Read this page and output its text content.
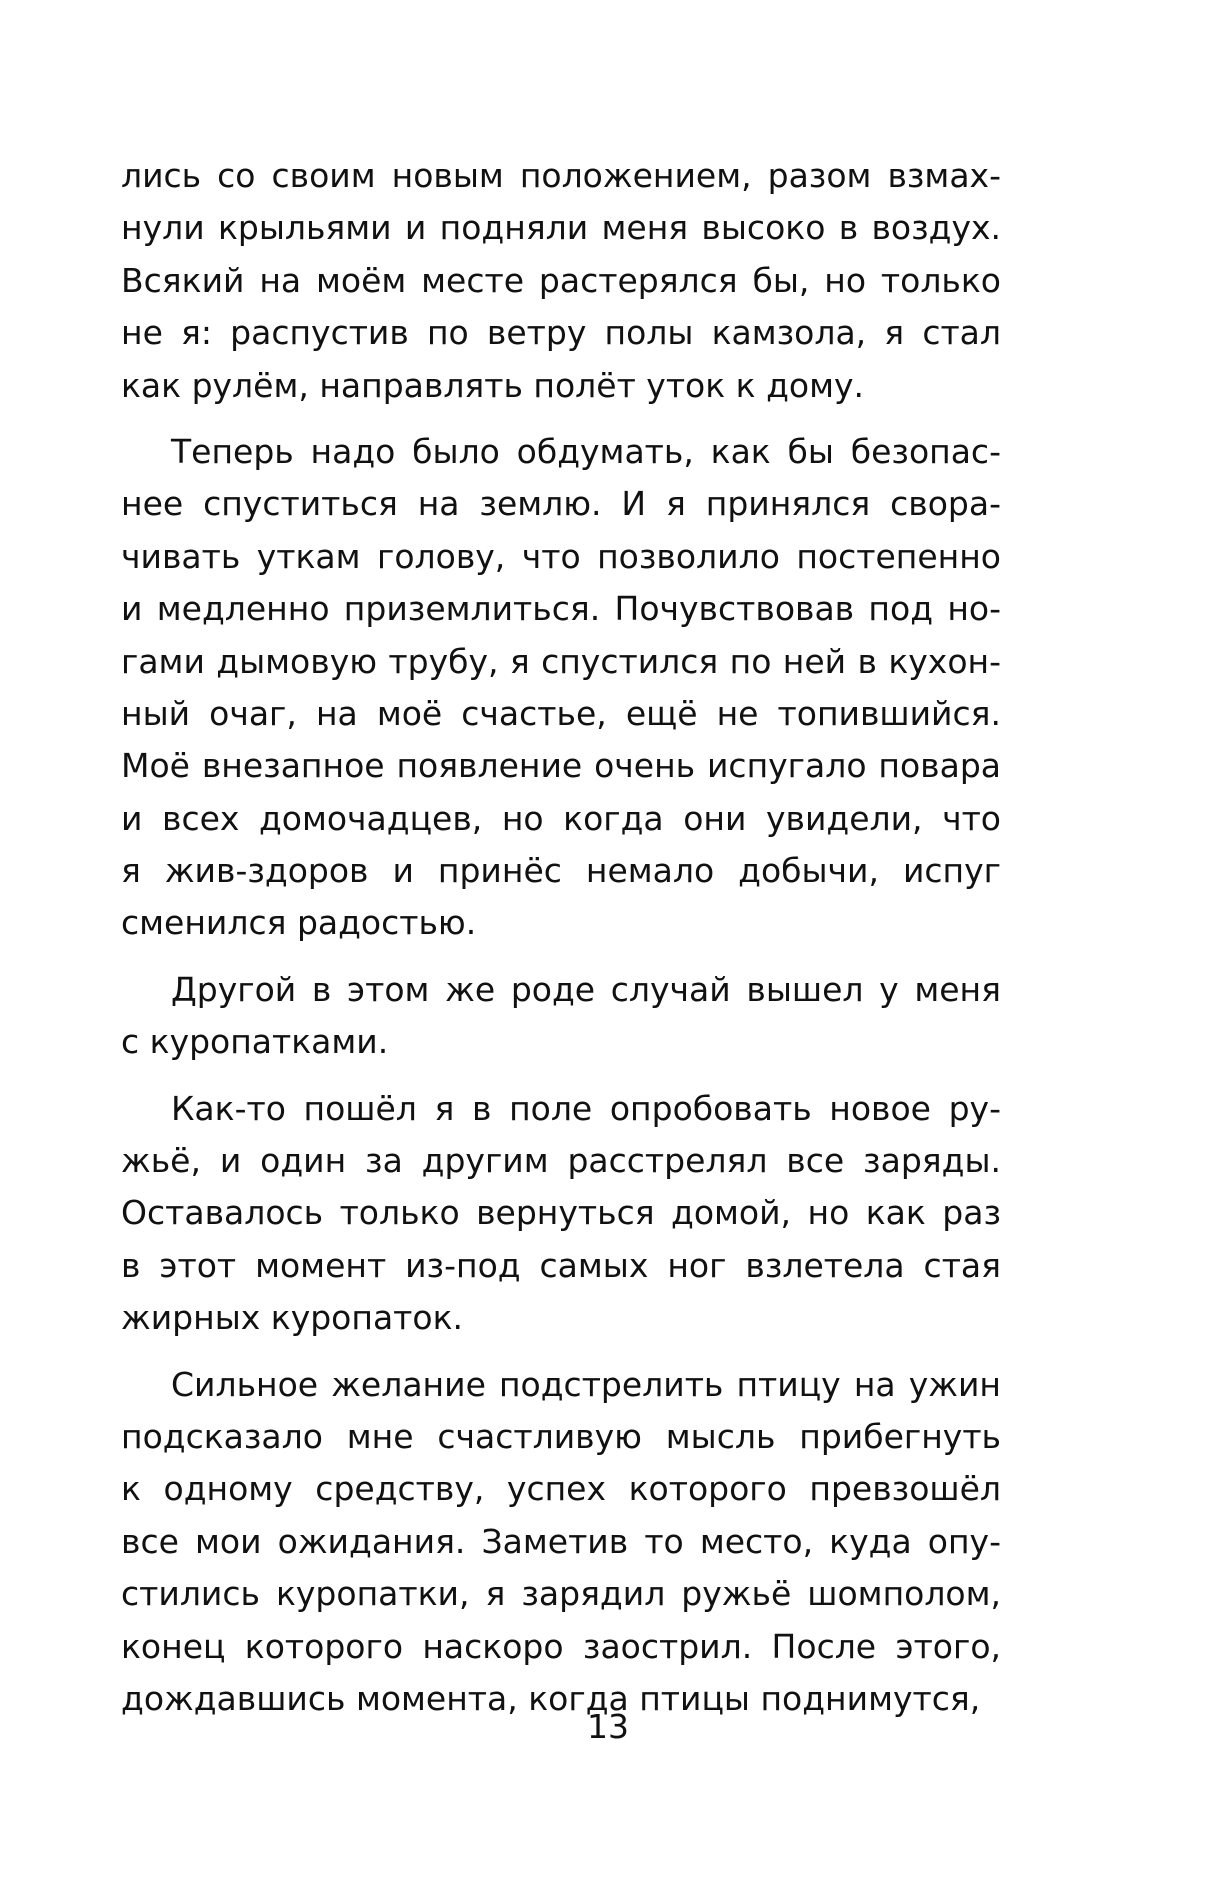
лись со своим новым положением, разом взмах-
нули крыльями и подняли меня высоко в воздух.
Всякий на моём месте растерялся бы, но только
не я: распустив по ветру полы камзола, я стал
как рулём, направлять полёт уток к дому.
Теперь надо было обдумать, как бы безопас-
нее спуститься на землю. И я принялся свора-
чивать уткам голову, что позволило постепенно
и медленно приземлиться. Почувствовав под но-
гами дымовую трубу, я спустился по ней в кухон-
ный очаг, на моё счастье, ещё не топившийся.
Моё внезапное появление очень испугало повара
и всех домочадцев, но когда они увидели, что
я жив-здоров и принёс немало добычи, испуг
сменился радостью.
Другой в этом же роде случай вышел у меня
с куропатками.
Как-то пошёл я в поле опробовать новое ру-
жьё, и один за другим расстрелял все заряды.
Оставалось только вернуться домой, но как раз
в этот момент из-под самых ног взлетела стая
жирных куропаток.
Сильное желание подстрелить птицу на ужин
подсказало мне счастливую мысль прибегнуть
к одному средству, успех которого превзошёл
все мои ожидания. Заметив то место, куда опу-
стились куропатки, я зарядил ружьё шомполом,
конец которого наскоро заострил. После этого,
дождавшись момента, когда птицы поднимутся,
13
